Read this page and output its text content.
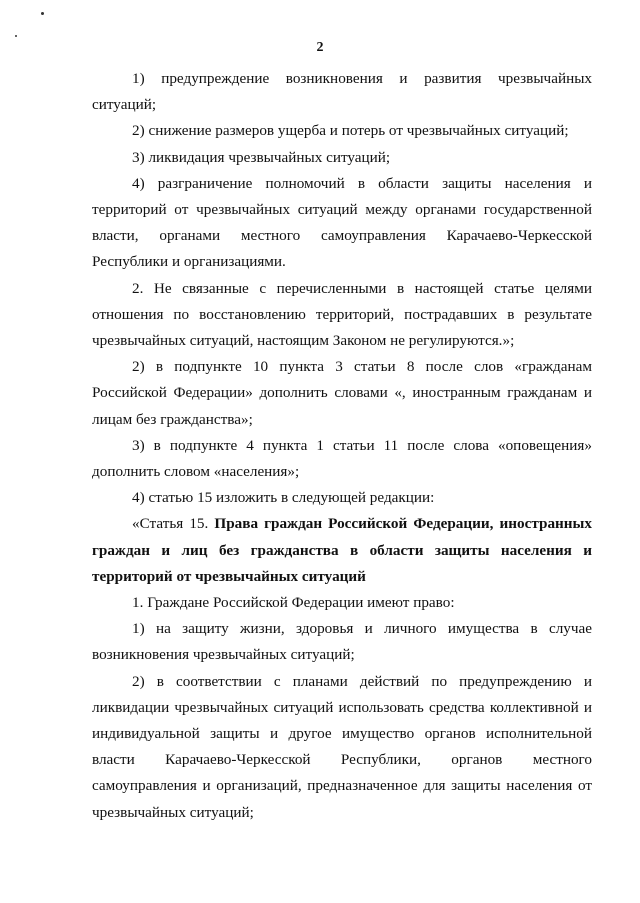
2

1) предупреждение возникновения и развития чрезвычайных ситуаций;

2) снижение размеров ущерба и потерь от чрезвычайных ситуаций;

3) ликвидация чрезвычайных ситуаций;

4) разграничение полномочий в области защиты населения и территорий от чрезвычайных ситуаций между органами государственной власти, органами местного самоуправления Карачаево-Черкесской Республики и организациями.

2. Не связанные с перечисленными в настоящей статье целями отношения по восстановлению территорий, пострадавших в результате чрезвычайных ситуаций, настоящим Законом не регулируются.»;

2) в подпункте 10 пункта 3 статьи 8 после слов «гражданам Российской Федерации» дополнить словами «, иностранным гражданам и лицам без гражданства»;

3) в подпункте 4 пункта 1 статьи 11 после слова «оповещения» дополнить словом «населения»;

4) статью 15 изложить в следующей редакции:

«Статья 15. Права граждан Российской Федерации, иностранных граждан и лиц без гражданства в области защиты населения и территорий от чрезвычайных ситуаций

1. Граждане Российской Федерации имеют право:

1) на защиту жизни, здоровья и личного имущества в случае возникновения чрезвычайных ситуаций;

2) в соответствии с планами действий по предупреждению и ликвидации чрезвычайных ситуаций использовать средства коллективной и

индивидуальной защиты и другое имущество органов исполнительной власти Карачаево-Черкесской Республики, органов местного самоуправления и организаций, предназначенное для защиты населения от чрезвычайных ситуаций;
